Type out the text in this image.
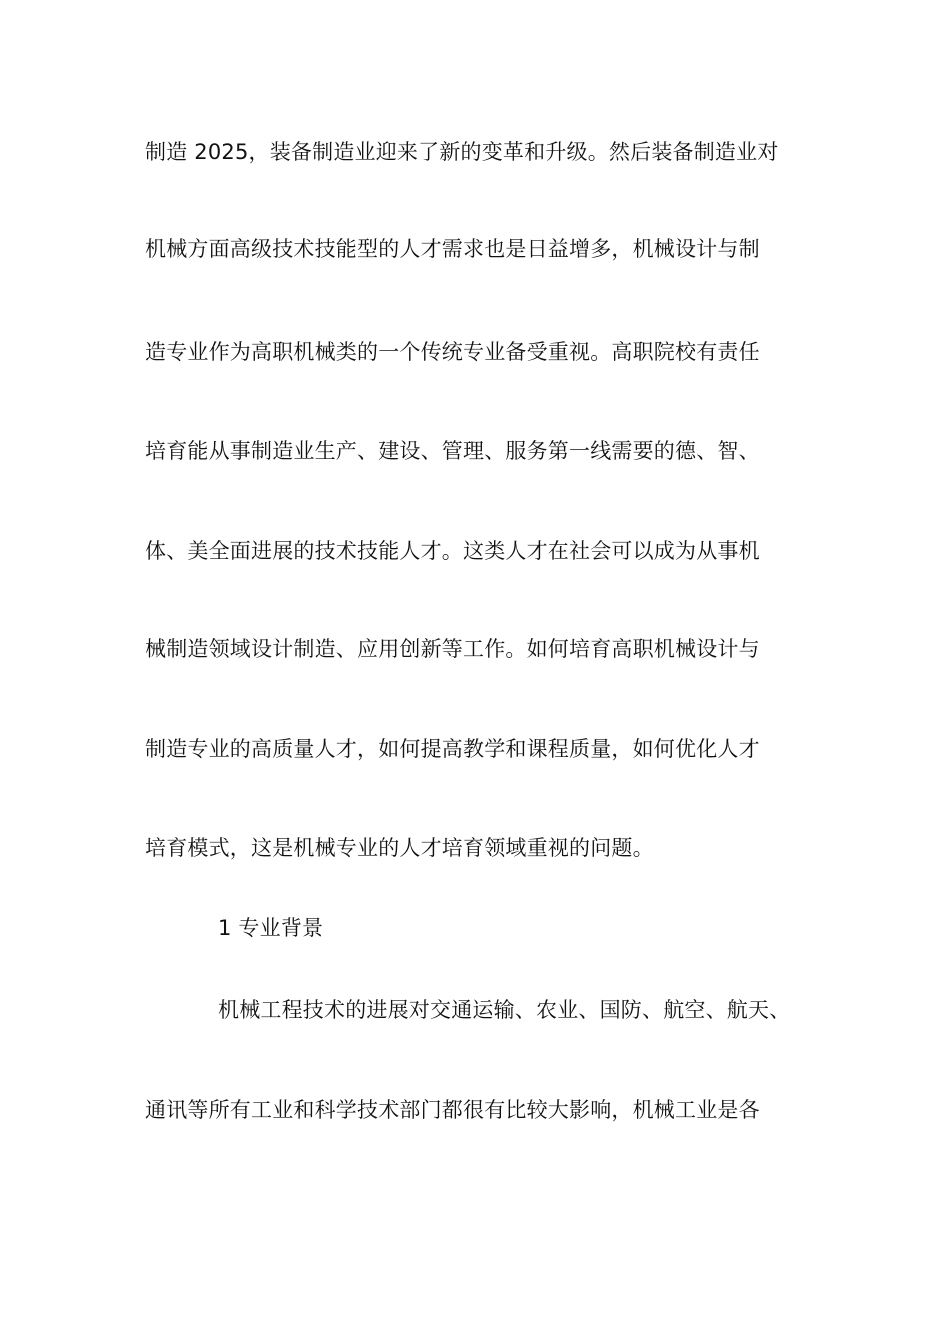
制造 2025，装备制造业迎来了新的变革和升级。然后装备制造业对
机械方面高级技术技能型的人才需求也是日益增多，机械设计与制
造专业作为高职机械类的一个传统专业备受重视。高职院校有责任
培育能从事制造业生产、建设、管理、服务第一线需要的德、智、
体、美全面进展的技术技能人才。这类人才在社会可以成为从事机
械制造领域设计制造、应用创新等工作。如何培育高职机械设计与
制造专业的高质量人才，如何提高教学和课程质量，如何优化人才
培育模式，这是机械专业的人才培育领域重视的问题。
1 专业背景
机械工程技术的进展对交通运输、农业、国防、航空、航天、
通讯等所有工业和科学技术部门都很有比较大影响，机械工业是各
